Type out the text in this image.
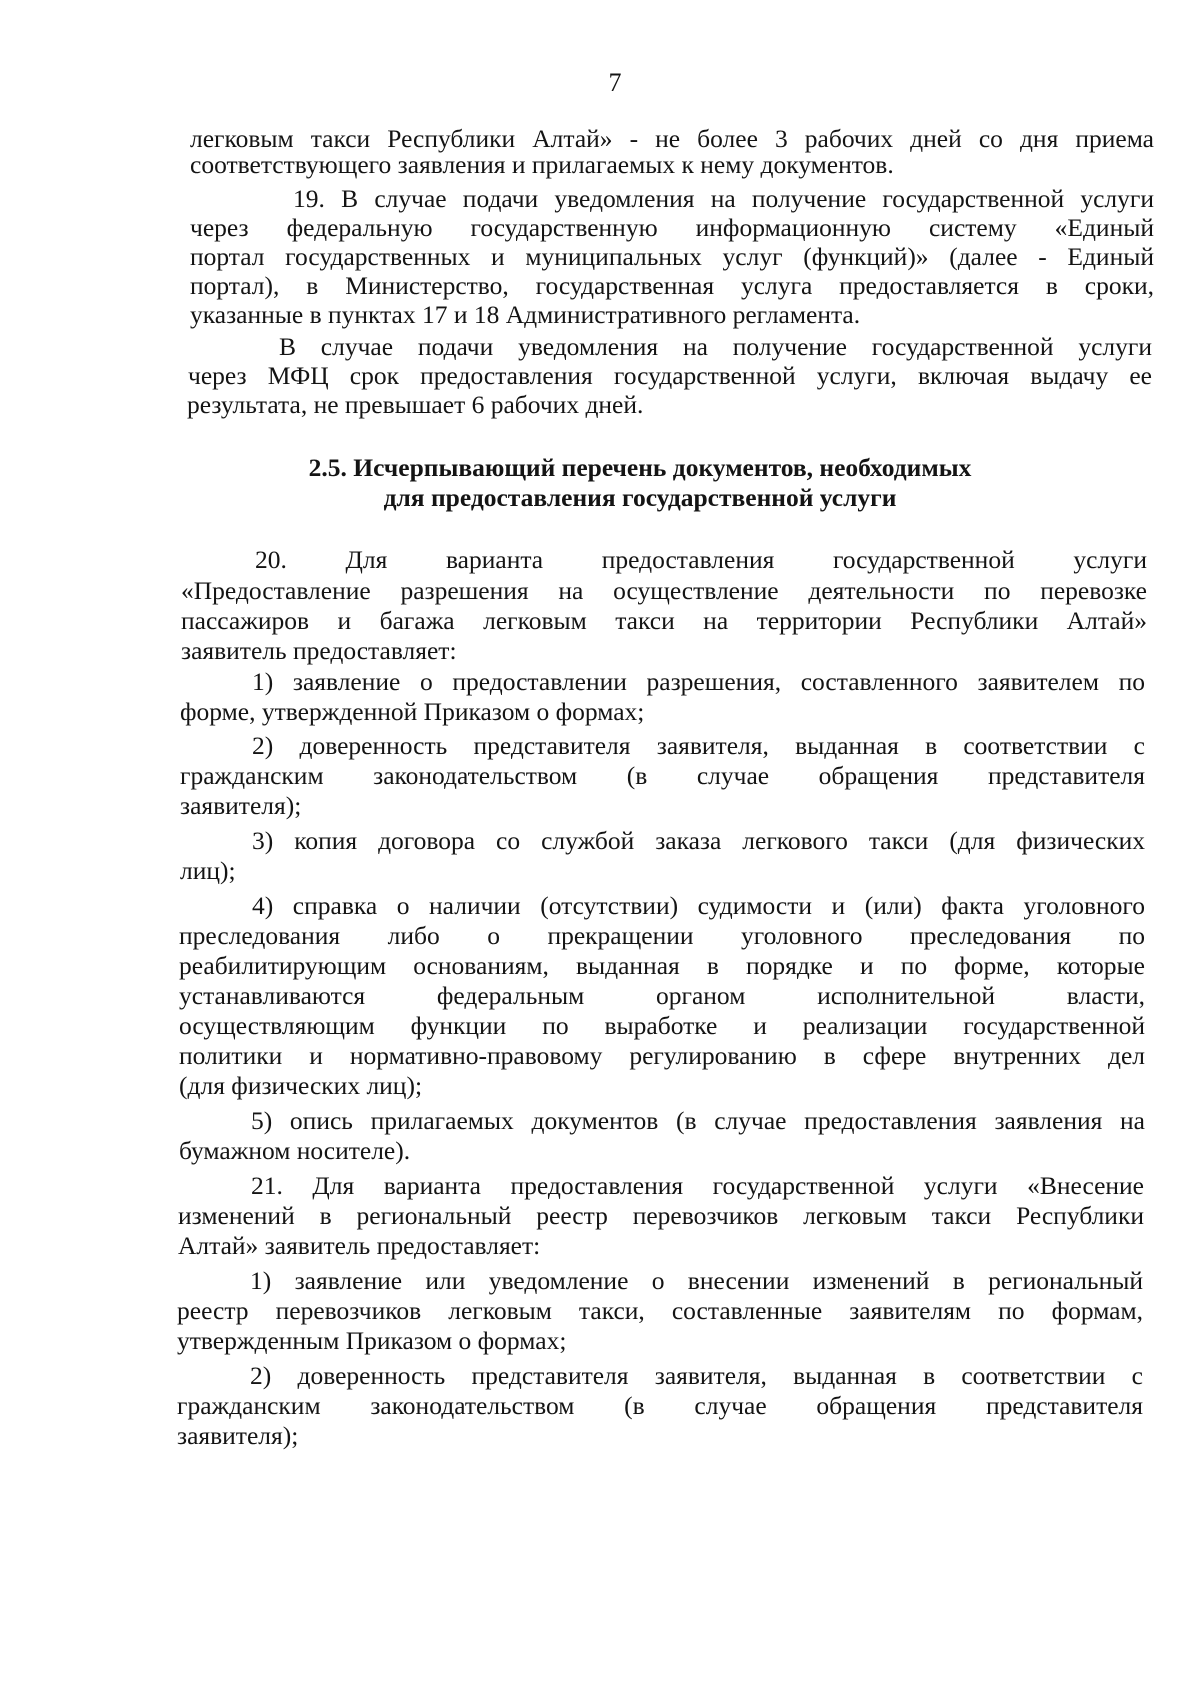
7
легковым такси Республики Алтай» - не более 3 рабочих дней со дня приема
соответствующего заявления и прилагаемых к нему документов.
19. В случае подачи уведомления на получение государственной услуги
через федеральную государственную информационную систему «Единый
портал государственных и муниципальных услуг (функций)» (далее - Единый
портал), в Министерство, государственная услуга предоставляется в сроки,
указанные в пунктах 17 и 18 Административного регламента.
В случае подачи уведомления на получение государственной услуги
через МФЦ срок предоставления государственной услуги, включая выдачу ее
результата, не превышает 6 рабочих дней.
2.5. Исчерпывающий перечень документов, необходимых
для предоставления государственной услуги
20. Для варианта предоставления государственной услуги
«Предоставление разрешения на осуществление деятельности по перевозке
пассажиров и багажа легковым такси на территории Республики Алтай»
заявитель предоставляет:
1) заявление о предоставлении разрешения, составленного заявителем по
форме, утвержденной Приказом о формах;
2) доверенность представителя заявителя, выданная в соответствии с
гражданским законодательством (в случае обращения представителя
заявителя);
3) копия договора со службой заказа легкового такси (для физических
лиц);
4) справка о наличии (отсутствии) судимости и (или) факта уголовного
преследования либо о прекращении уголовного преследования по
реабилитирующим основаниям, выданная в порядке и по форме, которые
устанавливаются федеральным органом исполнительной власти,
осуществляющим функции по выработке и реализации государственной
политики и нормативно-правовому регулированию в сфере внутренних дел
(для физических лиц);
5) опись прилагаемых документов (в случае предоставления заявления на
бумажном носителе).
21. Для варианта предоставления государственной услуги «Внесение
изменений в региональный реестр перевозчиков легковым такси Республики
Алтай» заявитель предоставляет:
1) заявление или уведомление о внесении изменений в региональный
реестр перевозчиков легковым такси, составленные заявителям по формам,
утвержденным Приказом о формах;
2) доверенность представителя заявителя, выданная в соответствии с
гражданским законодательством (в случае обращения представителя
заявителя);
